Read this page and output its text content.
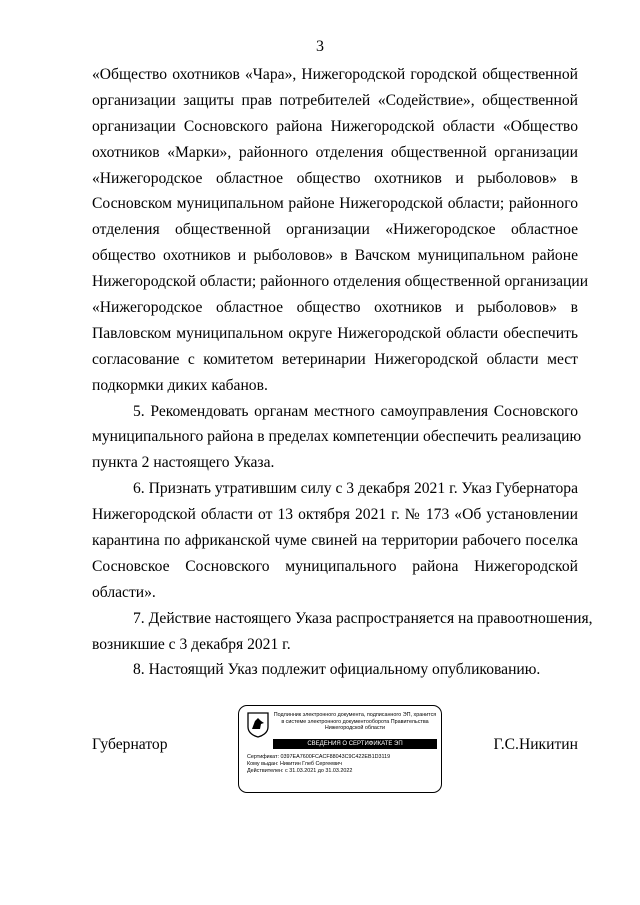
3
«Общество охотников «Чара», Нижегородской городской общественной
организации защиты прав потребителей «Содействие», общественной
организации Сосновского района Нижегородской области «Общество
охотников «Марки», районного отделения общественной организации
«Нижегородское областное общество охотников и рыболовов» в
Сосновском муниципальном районе Нижегородской области; районного
отделения общественной организации «Нижегородское областное
общество охотников и рыболовов» в Вачском муниципальном районе
Нижегородской области; районного отделения общественной организации
«Нижегородское областное общество охотников и рыболовов» в
Павловском муниципальном округе Нижегородской области обеспечить
согласование с комитетом ветеринарии Нижегородской области мест
подкормки диких кабанов.
5. Рекомендовать органам местного самоуправления Сосновского
муниципального района в пределах компетенции обеспечить реализацию
пункта 2 настоящего Указа.
6. Признать утратившим силу с 3 декабря 2021 г. Указ Губернатора
Нижегородской области от 13 октября 2021 г. № 173 «Об установлении
карантина по африканской чуме свиней на территории рабочего поселка
Сосновское Сосновского муниципального района Нижегородской
области».
7. Действие настоящего Указа распространяется на правоотношения,
возникшие с 3 декабря 2021 г.
8. Настоящий Указ подлежит официальному опубликованию.
Губернатор
Подлинник электронного документа, подписанного ЭП, хранится в системе электронного документооборота Правительства Нижегородской области
СВЕДЕНИЯ О СЕРТИФИКАТЕ ЭП
Сертификат: 0397EA7600FCACF88043C9C422EB1D3119
Кому выдан: Никитин Глеб Сергеевич
Действителен: с 31.03.2021 до 31.03.2022
Г.С.Никитин
